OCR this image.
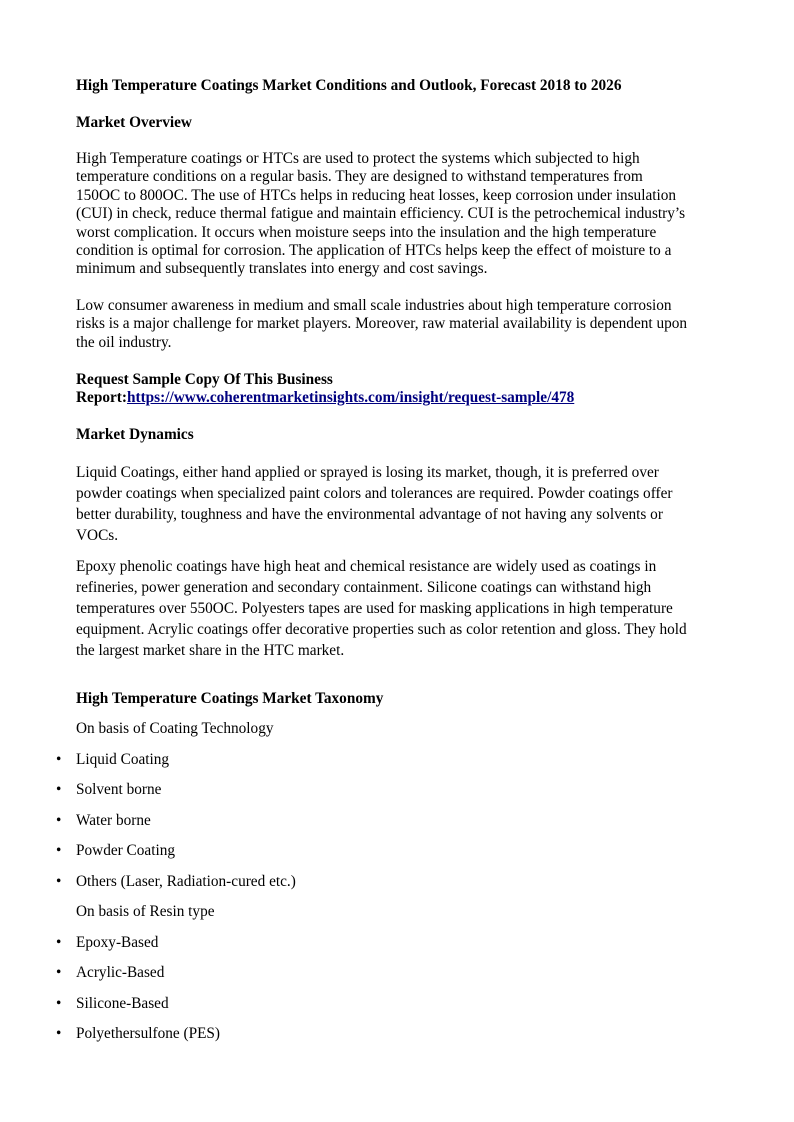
High Temperature Coatings Market Conditions and Outlook, Forecast 2018 to 2026
Market Overview
High Temperature coatings or HTCs are used to protect the systems which subjected to high
temperature conditions on a regular basis. They are designed to withstand temperatures from
150OC to 800OC. The use of HTCs helps in reducing heat losses, keep corrosion under insulation
(CUI) in check, reduce thermal fatigue and maintain efficiency. CUI is the petrochemical industry’s
worst complication. It occurs when moisture seeps into the insulation and the high temperature
condition is optimal for corrosion. The application of HTCs helps keep the effect of moisture to a
minimum and subsequently translates into energy and cost savings.
Low consumer awareness in medium and small scale industries about high temperature corrosion
risks is a major challenge for market players. Moreover, raw material availability is dependent upon
the oil industry.
Request Sample Copy Of This Business
Report:https://www.coherentmarketinsights.com/insight/request-sample/478
Market Dynamics
Liquid Coatings, either hand applied or sprayed is losing its market, though, it is preferred over
powder coatings when specialized paint colors and tolerances are required. Powder coatings offer
better durability, toughness and have the environmental advantage of not having any solvents or
VOCs.
Epoxy phenolic coatings have high heat and chemical resistance are widely used as coatings in
refineries, power generation and secondary containment. Silicone coatings can withstand high
temperatures over 550OC. Polyesters tapes are used for masking applications in high temperature
equipment. Acrylic coatings offer decorative properties such as color retention and gloss. They hold
the largest market share in the HTC market.
High Temperature Coatings Market Taxonomy
On basis of Coating Technology
• Liquid Coating
• Solvent borne
• Water borne
• Powder Coating
• Others (Laser, Radiation-cured etc.)
On basis of Resin type
• Epoxy-Based
• Acrylic-Based
• Silicone-Based
• Polyethersulfone (PES)
